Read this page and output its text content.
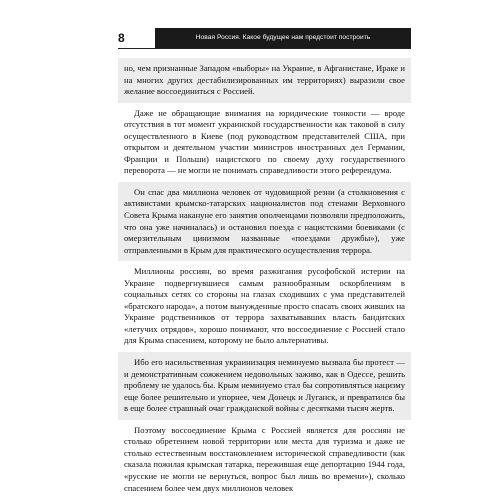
8	Новая Россия. Какое будущее нам предстоит построить

но, чем признанные Западом «выборы» на Украине, в Афганистане, Ираке и на многих других дестабилизированных им территориях) выразили свое желание воссоединиться с Россией.

Даже не обращающие внимания на юридические тонкости — вроде отсутствия в тот момент украинской государственности как таковой в силу осуществленного в Киеве (под руководством представителей США, при открытом и деятельном участии министров иностранных дел Германии, Франции и Польши) нацистского по своему духу государственного переворота — не могли не понимать справедливости этого референдума.

Он спас два миллиона человек от чудовищной резни (а столкновения с активистами крымско-татарских националистов под стенами Верховного Совета Крыма накануне его занятия ополченцами позволяли предположить, что она уже начиналась) и остановил поезда с нацистскими боевиками (с омерзительным цинизмом названные «поездами дружбы»), уже отправленными в Крым для практического осуществления террора.

Миллионы россиян, во время разжигания русофобской истерии на Украине подвергнувшиеся самым разнообразным оскорблениям в социальных сетях со стороны на глазах сходивших с ума представителей «братского народа», а потом вынужденные просто спасать своих живших на Украине родственников от террора захватывавших власть бандитских «летучих отрядов», хорошо понимают, что воссоединение с Россией стало для Крыма спасением, которому не было альтернативы.

Ибо его насильственная украинизация неминуемо вызвала бы протест — и демонстративным сожжением недовольных заживо, как в Одессе, решить проблему не удалось бы. Крым неминуемо стал бы сопротивляться нацизму еще более решительно и упорнее, чем Донецк и Луганск, и превратился бы в еще более страшный очаг гражданской войны с десятками тысяч жертв.

Поэтому воссоединение Крыма с Россией является для россиян не столько обретением новой территории или места для туризма и даже не столько естественным восстановлением исторической справедливости (как сказала пожилая крымская татарка, пережившая еще депортацию 1944 года, «русские не могли не вернуться, вопрос был лишь во времени»), сколько спасением более чем двух миллионов человек
